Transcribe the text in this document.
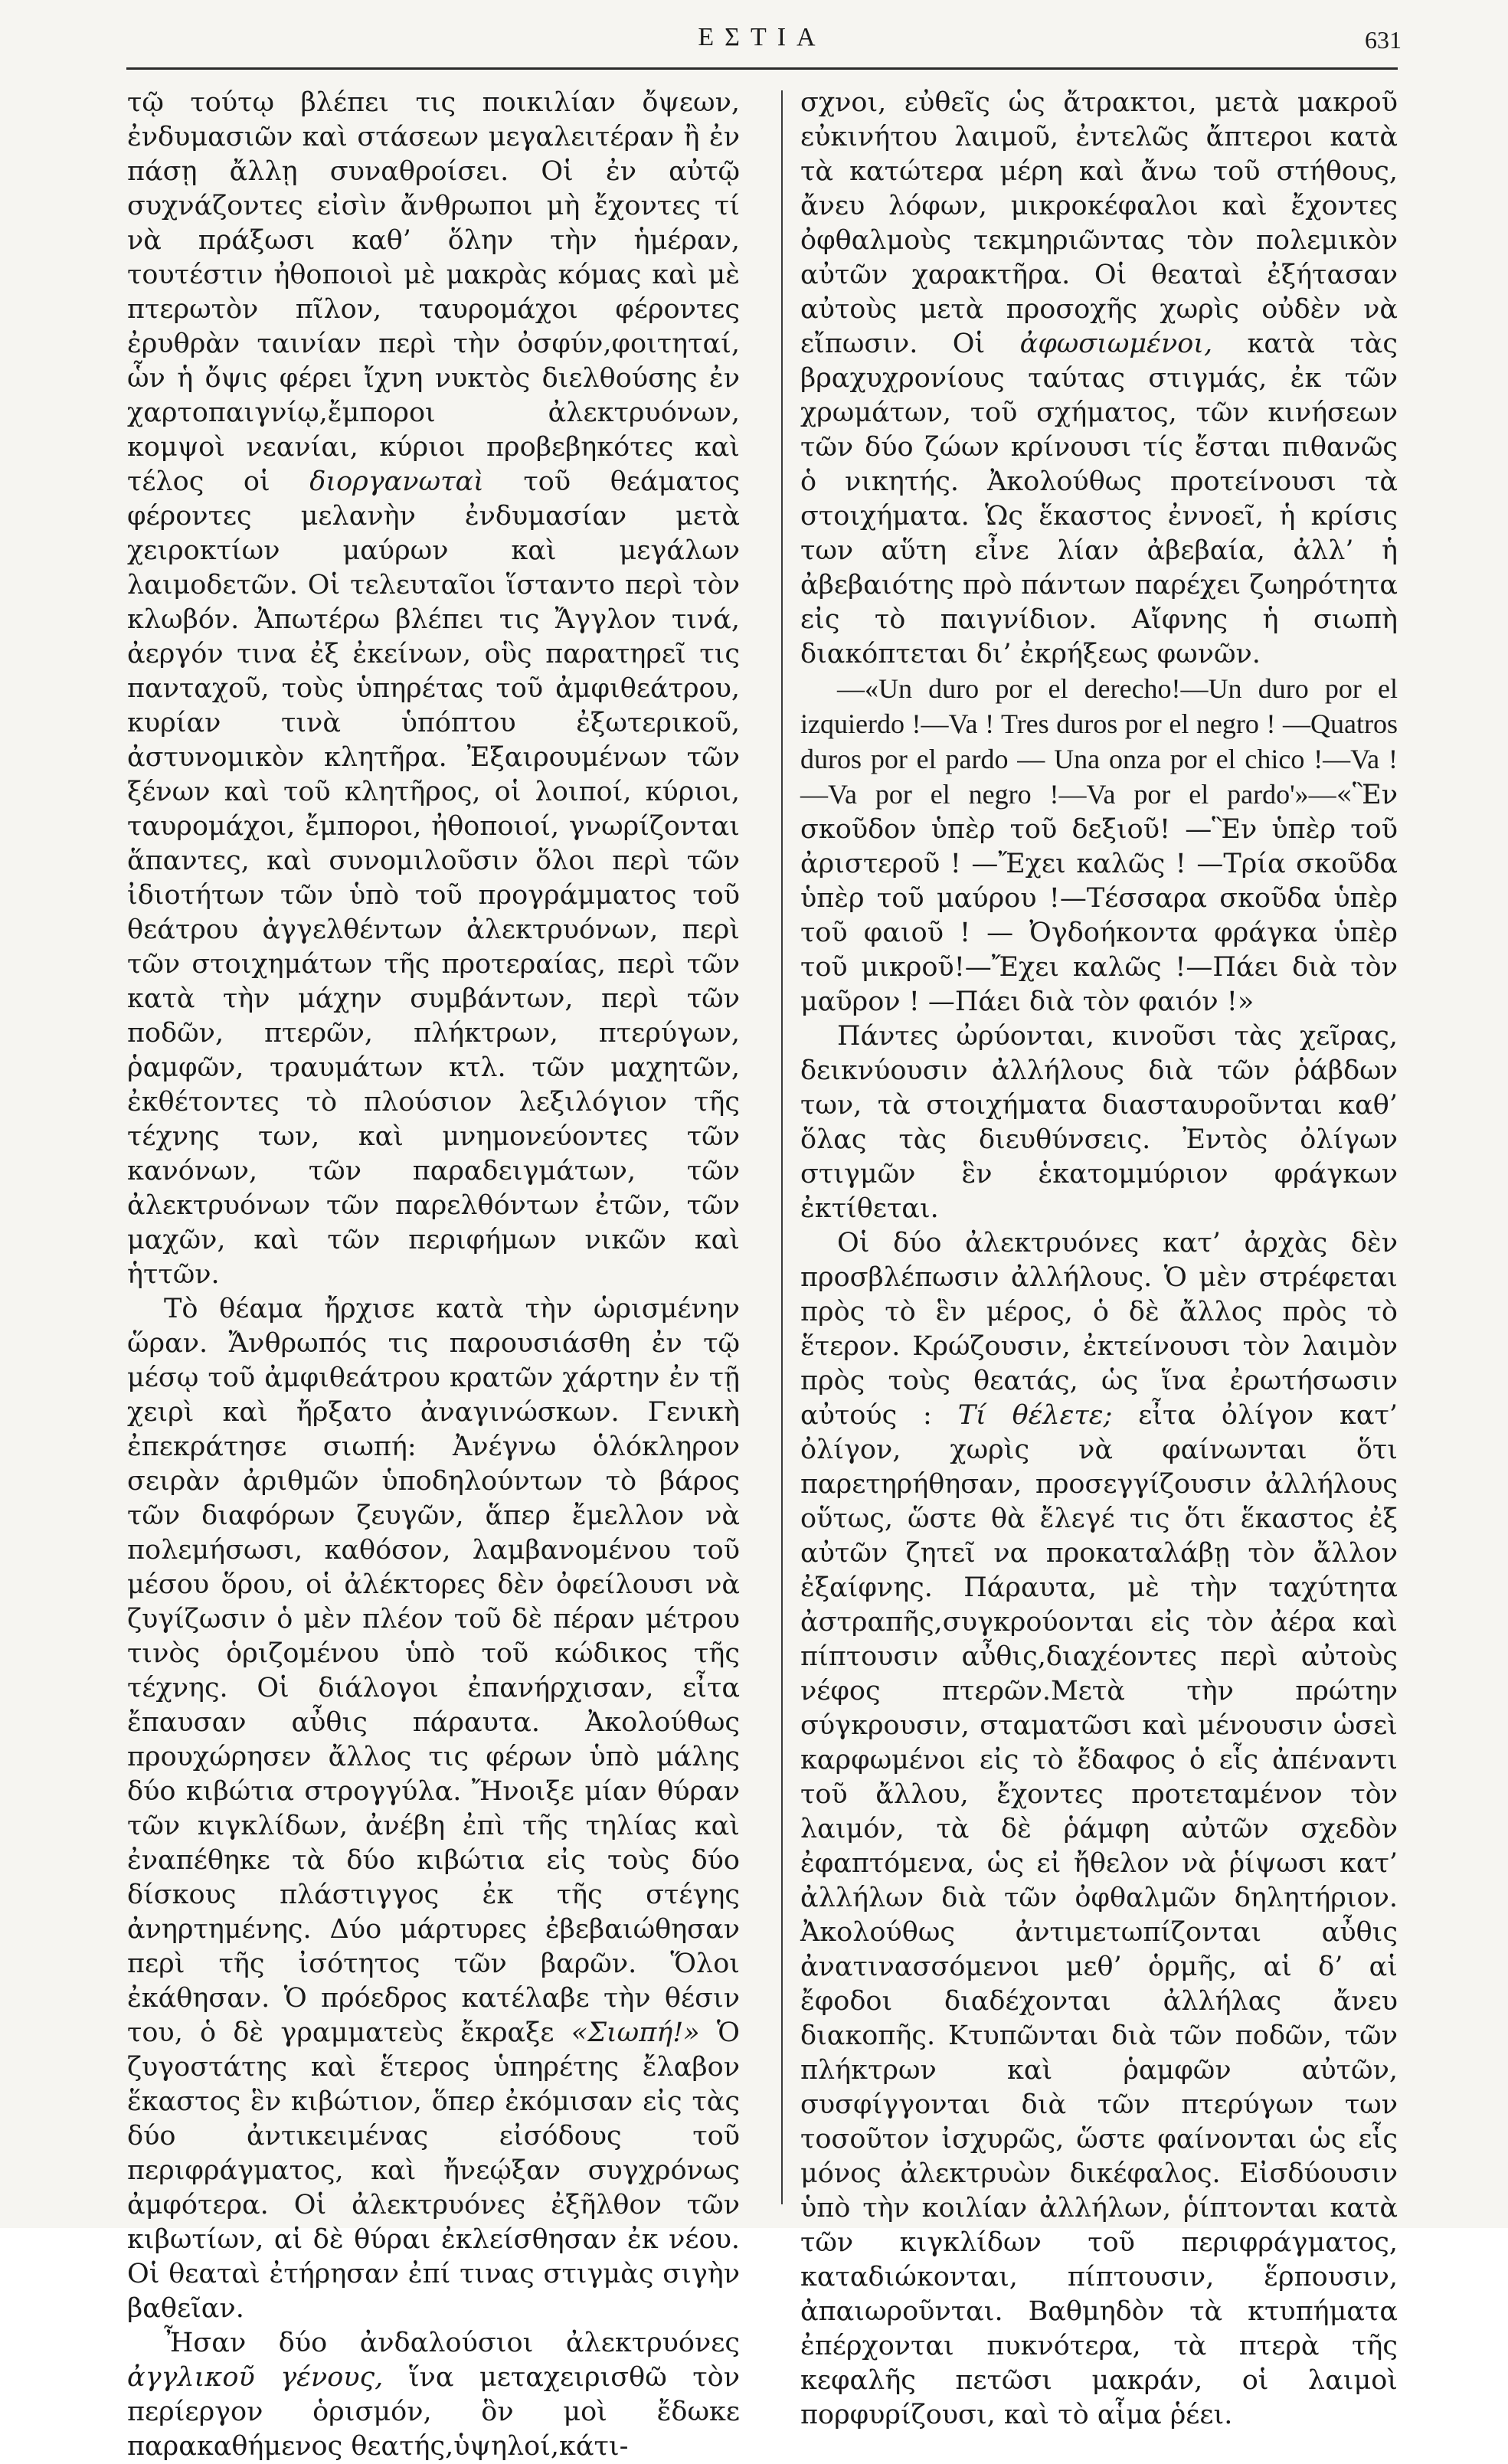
ΕΣΤΙΑ	631

τῷ τούτῳ βλέπει τις ποικιλίαν ὄψεων, ἐνδυμασιῶν καὶ στάσεων μεγαλειτέραν ἢ ἐν πάσῃ ἄλλῃ συναθροίσει. Οἱ ἐν αὐτῷ συχνάζοντες εἰσὶν ἄνθρωποι μὴ ἔχοντες τί νὰ πράξωσι καθ’ ὅλην τὴν ἡμέραν, τουτέστιν ἠθοποιοὶ μὲ μακρὰς κόμας καὶ μὲ πτερωτὸν πῖλον, ταυρομάχοι φέροντες ἐρυθρὰν ταινίαν περὶ τὴν ὀσφύν,φοιτηταί, ὧν ἡ ὄψις φέρει ἴχνη νυκτὸς διελθούσης ἐν χαρτοπαιγνίῳ,ἔμποροι ἀλεκτρυόνων, κομψοὶ νεανίαι, κύριοι προβεβηκότες καὶ τέλος οἱ διοργανωταὶ τοῦ θεάματος φέροντες μελανὴν ἐνδυμασίαν μετὰ χειροκτίων μαύρων καὶ μεγάλων λαιμοδετῶν. Οἱ τελευταῖοι ἵσταντο περὶ τὸν κλωβόν. Ἀπωτέρω βλέπει τις Ἄγγλον τινά, ἀεργόν τινα ἐξ ἐκείνων, οὓς παρατηρεῖ τις πανταχοῦ, τοὺς ὑπηρέτας τοῦ ἀμφιθεάτρου, κυρίαν τινὰ ὑπόπτου ἐξωτερικοῦ, ἀστυνομικὸν κλητῆρα. Ἐξαιρουμένων τῶν ξένων καὶ τοῦ κλητῆρος, οἱ λοιποί, κύριοι, ταυρομάχοι, ἔμποροι, ἠθοποιοί, γνωρίζονται ἅπαντες, καὶ συνομιλοῦσιν ὅλοι περὶ τῶν ἰδιοτήτων τῶν ὑπὸ τοῦ προγράμματος τοῦ θεάτρου ἀγγελθέντων ἀλεκτρυόνων, περὶ τῶν στοιχημάτων τῆς προτεραίας, περὶ τῶν κατὰ τὴν μάχην συμβάντων, περὶ τῶν ποδῶν, πτερῶν, πλήκτρων, πτερύγων, ῥαμφῶν, τραυμάτων κτλ. τῶν μαχητῶν, ἐκθέτοντες τὸ πλούσιον λεξιλόγιον τῆς τέχνης των, καὶ μνημονεύοντες τῶν κανόνων, τῶν παραδειγμάτων, τῶν ἀλεκτρυόνων τῶν παρελθόντων ἐτῶν, τῶν μαχῶν, καὶ τῶν περιφήμων νικῶν καὶ ἡττῶν.

Τὸ θέαμα ἤρχισε κατὰ τὴν ὡρισμένην ὥραν. Ἄνθρωπός τις παρουσιάσθη ἐν τῷ μέσῳ τοῦ ἀμφιθεάτρου κρατῶν χάρτην ἐν τῇ χειρὶ καὶ ἤρξατο ἀναγινώσκων. Γενικὴ ἐπεκράτησε σιωπή: Ἀνέγνω ὁλόκληρον σειρὰν ἀριθμῶν ὑποδηλούντων τὸ βάρος τῶν διαφόρων ζευγῶν, ἅπερ ἔμελλον νὰ πολεμήσωσι, καθόσον, λαμβανομένου τοῦ μέσου ὅρου, οἱ ἀλέκτορες δὲν ὀφείλουσι νὰ ζυγίζωσιν ὁ μὲν πλέον τοῦ δὲ πέραν μέτρου τινὸς ὁριζομένου ὑπὸ τοῦ κώδικος τῆς τέχνης. Οἱ διάλογοι ἐπανήρχισαν, εἶτα ἔπαυσαν αὖθις πάραυτα. Ἀκολούθως προυχώρησεν ἄλλος τις φέρων ὑπὸ μάλης δύο κιβώτια στρογγύλα. Ἤνοιξε μίαν θύραν τῶν κιγκλίδων, ἀνέβη ἐπὶ τῆς τηλίας καὶ ἐναπέθηκε τὰ δύο κιβώτια εἰς τοὺς δύο δίσκους πλάστιγγος ἐκ τῆς στέγης ἀνηρτημένης. Δύο μάρτυρες ἐβεβαιώθησαν περὶ τῆς ἰσότητος τῶν βαρῶν. Ὅλοι ἐκάθησαν. Ὁ πρόεδρος κατέλαβε τὴν θέσιν του, ὁ δὲ γραμματεὺς ἔκραξε «Σιωπή!» Ὁ ζυγοστάτης καὶ ἕτερος ὑπηρέτης ἔλαβον ἕκαστος ἓν κιβώτιον, ὅπερ ἐκόμισαν εἰς τὰς δύο ἀντικειμένας εἰσόδους τοῦ περιφράγματος, καὶ ἤνεῴξαν συγχρόνως ἀμφότερα. Οἱ ἀλεκτρυόνες ἐξῆλθον τῶν κιβωτίων, αἱ δὲ θύραι ἐκλείσθησαν ἐκ νέου. Οἱ θεαταὶ ἐτήρησαν ἐπί τινας στιγμὰς σιγὴν βαθεῖαν.

Ἦσαν δύο ἀνδαλούσιοι ἀλεκτρυόνες ἀγγλικοῦ γένους, ἵνα μεταχειρισθῶ τὸν περίεργον ὁρισμόν, ὃν μοὶ ἔδωκε παρακαθήμενος θεατής,ὑψηλοί,κάτι-

σχνοι, εὐθεῖς ὡς ἄτρακτοι, μετὰ μακροῦ εὐκινήτου λαιμοῦ, ἐντελῶς ἄπτεροι κατὰ τὰ κατώτερα μέρη καὶ ἄνω τοῦ στήθους, ἄνευ λόφων, μικροκέφαλοι καὶ ἔχοντες ὀφθαλμοὺς τεκμηριῶντας τὸν πολεμικὸν αὐτῶν χαρακτῆρα. Οἱ θεαταὶ ἐξήτασαν αὐτοὺς μετὰ προσοχῆς χωρὶς οὐδὲν νὰ εἴπωσιν. Οἱ ἀφωσιωμένοι, κατὰ τὰς βραχυχρονίους ταύτας στιγμάς, ἐκ τῶν χρωμάτων, τοῦ σχήματος, τῶν κινήσεων τῶν δύο ζώων κρίνουσι τίς ἔσται πιθανῶς ὁ νικητής. Ἀκολούθως προτείνουσι τὰ στοιχήματα. Ὡς ἕκαστος ἐννοεῖ, ἡ κρίσις των αὕτη εἶνε λίαν ἀβεβαία, ἀλλ’ ἡ ἀβεβαιότης πρὸ πάντων παρέχει ζωηρότητα εἰς τὸ παιγνίδιον. Αἴφνης ἡ σιωπὴ διακόπτεται δι’ ἐκρήξεως φωνῶν.

—«Un duro por el derecho!—Un duro por el izquierdo !—Va ! Tres duros por el negro ! —Quatros duros por el pardo — Una onza por el chico !—Va !—Va por el negro !—Va por el pardo'»—«Ἓν σκοῦδον ὑπὲρ τοῦ δεξιοῦ! —Ἓν ὑπὲρ τοῦ ἀριστεροῦ ! —Ἔχει καλῶς ! —Τρία σκοῦδα ὑπὲρ τοῦ μαύρου !—Τέσσαρα σκοῦδα ὑπὲρ τοῦ φαιοῦ ! — Ὀγδοήκοντα φράγκα ὑπὲρ τοῦ μικροῦ!—Ἔχει καλῶς !—Πάει διὰ τὸν μαῦρον ! —Πάει διὰ τὸν φαιόν !»

Πάντες ὠρύονται, κινοῦσι τὰς χεῖρας, δεικνύουσιν ἀλλήλους διὰ τῶν ῥάβδων των, τὰ στοιχήματα διασταυροῦνται καθ’ ὅλας τὰς διευθύνσεις. Ἐντὸς ὀλίγων στιγμῶν ἓν ἑκατομμύριον φράγκων ἐκτίθεται.

Οἱ δύο ἀλεκτρυόνες κατ’ ἀρχὰς δὲν προσβλέπωσιν ἀλλήλους. Ὁ μὲν στρέφεται πρὸς τὸ ἓν μέρος, ὁ δὲ ἄλλος πρὸς τὸ ἕτερον. Κρώζουσιν, ἐκτείνουσι τὸν λαιμὸν πρὸς τοὺς θεατάς, ὡς ἵνα ἐρωτήσωσιν αὐτούς : Τί θέλετε; εἶτα ὀλίγον κατ’ ὀλίγον, χωρὶς νὰ φαίνωνται ὅτι παρετηρήθησαν, προσεγγίζουσιν ἀλλήλους οὕτως, ὥστε θὰ ἔλεγέ τις ὅτι ἕκαστος ἐξ αὐτῶν ζητεῖ να προκαταλάβῃ τὸν ἄλλον ἐξαίφνης. Πάραυτα, μὲ τὴν ταχύτητα ἀστραπῆς,συγκρούονται εἰς τὸν ἀέρα καὶ πίπτουσιν αὖθις,διαχέοντες περὶ αὐτοὺς νέφος πτερῶν.Μετὰ τὴν πρώτην σύγκρουσιν, σταματῶσι καὶ μένουσιν ὡσεὶ καρφωμένοι εἰς τὸ ἔδαφος ὁ εἷς ἀπέναντι τοῦ ἄλλου, ἔχοντες προτεταμένον τὸν λαιμόν, τὰ δὲ ῥάμφη αὐτῶν σχεδὸν ἐφαπτόμενα, ὡς εἰ ἤθελον νὰ ῥίψωσι κατ’ ἀλλήλων διὰ τῶν ὀφθαλμῶν δηλητήριον. Ἀκολούθως ἀντιμετωπίζονται αὖθις ἀνατινασσόμενοι μεθ’ ὁρμῆς, αἱ δ’ αἱ ἔφοδοι διαδέχονται ἀλλήλας ἄνευ διακοπῆς. Κτυπῶνται διὰ τῶν ποδῶν, τῶν πλήκτρων καὶ ῥαμφῶν αὐτῶν, συσφίγγονται διὰ τῶν πτερύγων των τοσοῦτον ἰσχυρῶς, ὥστε φαίνονται ὡς εἷς μόνος ἀλεκτρυὼν δικέφαλος. Εἰσδύουσιν ὑπὸ τὴν κοιλίαν ἀλλήλων, ῥίπτονται κατὰ τῶν κιγκλίδων τοῦ περιφράγματος, καταδιώκονται, πίπτουσιν, ἕρπουσιν, ἀπαιωροῦνται. Βαθμηδὸν τὰ κτυπήματα ἐπέρχονται πυκνότερα, τὰ πτερὰ τῆς κεφαλῆς πετῶσι μακράν, οἱ λαιμοὶ πορφυρίζουσι, καὶ τὸ αἷμα ῥέει.
